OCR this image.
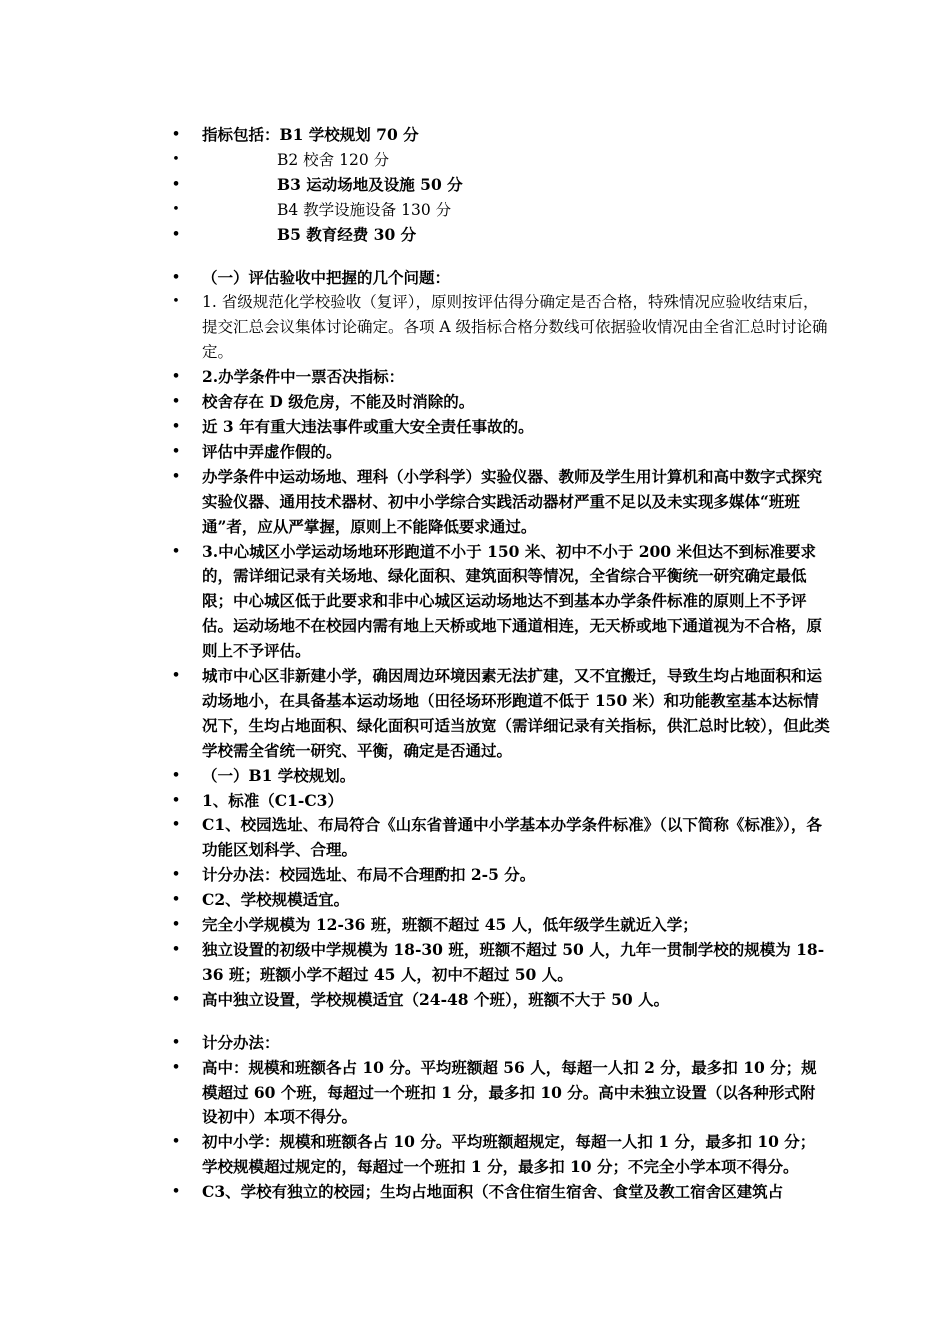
• 指标包括：B1 学校规划 70 分
•	B2 校舍 120 分
•	B3 运动场地及设施 50 分
•	B4 教学设施设备 130 分
•	B5 教育经费 30 分
• （一）评估验收中把握的几个问题：
• 1. 省级规范化学校验收（复评），原则按评估得分确定是否合格，特殊情况应验收结束后，提交汇总会议集体讨论确定。各项 A 级指标合格分数线可依据验收情况由全省汇总时讨论确定。
• 2.办学条件中一票否决指标：
• 校舍存在 D 级危房，不能及时消除的。
• 近 3 年有重大违法事件或重大安全责任事故的。
• 评估中弄虚作假的。
• 办学条件中运动场地、理科（小学科学）实验仪器、教师及学生用计算机和高中数字式探究实验仪器、通用技术器材、初中小学综合实践活动器材严重不足以及未实现多媒体“班班通”者，应从严掌握，原则上不能降低要求通过。
• 3.中心城区小学运动场地环形跑道不小于 150 米、初中不小于 200 米但达不到标准要求的，需详细记录有关场地、绿化面积、建筑面积等情况，全省综合平衡统一研究确定最低限；中心城区低于此要求和非中心城区运动场地达不到基本办学条件标准的原则上不予评估。运动场地不在校园内需有地上天桥或地下通道相连，无天桥或地下通道视为不合格，原则上不予评估。
• 城市中心区非新建小学，确因周边环境因素无法扩建，又不宜搬迁，导致生均占地面积和运动场地小，在具备基本运动场地（田径场环形跑道不低于 150 米）和功能教室基本达标情况下，生均占地面积、绿化面积可适当放宽（需详细记录有关指标，供汇总时比较），但此类学校需全省统一研究、平衡，确定是否通过。
• （一）B1 学校规划。
• 1、标准（C1-C3）
• C1、校园选址、布局符合《山东省普通中小学基本办学条件标准》（以下简称《标准》），各功能区划科学、合理。
• 计分办法：校园选址、布局不合理酌扣 2-5 分。
• C2、学校规模适宜。
• 完全小学规模为 12-36 班，班额不超过 45 人，低年级学生就近入学；
• 独立设置的初级中学规模为 18-30 班，班额不超过 50 人，九年一贯制学校的规模为 18-36 班；班额小学不超过 45 人，初中不超过 50 人。
• 高中独立设置，学校规模适宜（24-48 个班），班额不大于 50 人。
• 计分办法：
• 高中：规模和班额各占 10 分。平均班额超 56 人，每超一人扣 2 分，最多扣 10 分；规模超过 60 个班，每超过一个班扣 1 分，最多扣 10 分。高中未独立设置（以各种形式附设初中）本项不得分。
• 初中小学：规模和班额各占 10 分。平均班额超规定，每超一人扣 1 分，最多扣 10 分；学校规模超过规定的，每超过一个班扣 1 分，最多扣 10 分；不完全小学本项不得分。
• C3、学校有独立的校园；生均占地面积（不含住宿生宿舍、食堂及教工宿舍区建筑占
